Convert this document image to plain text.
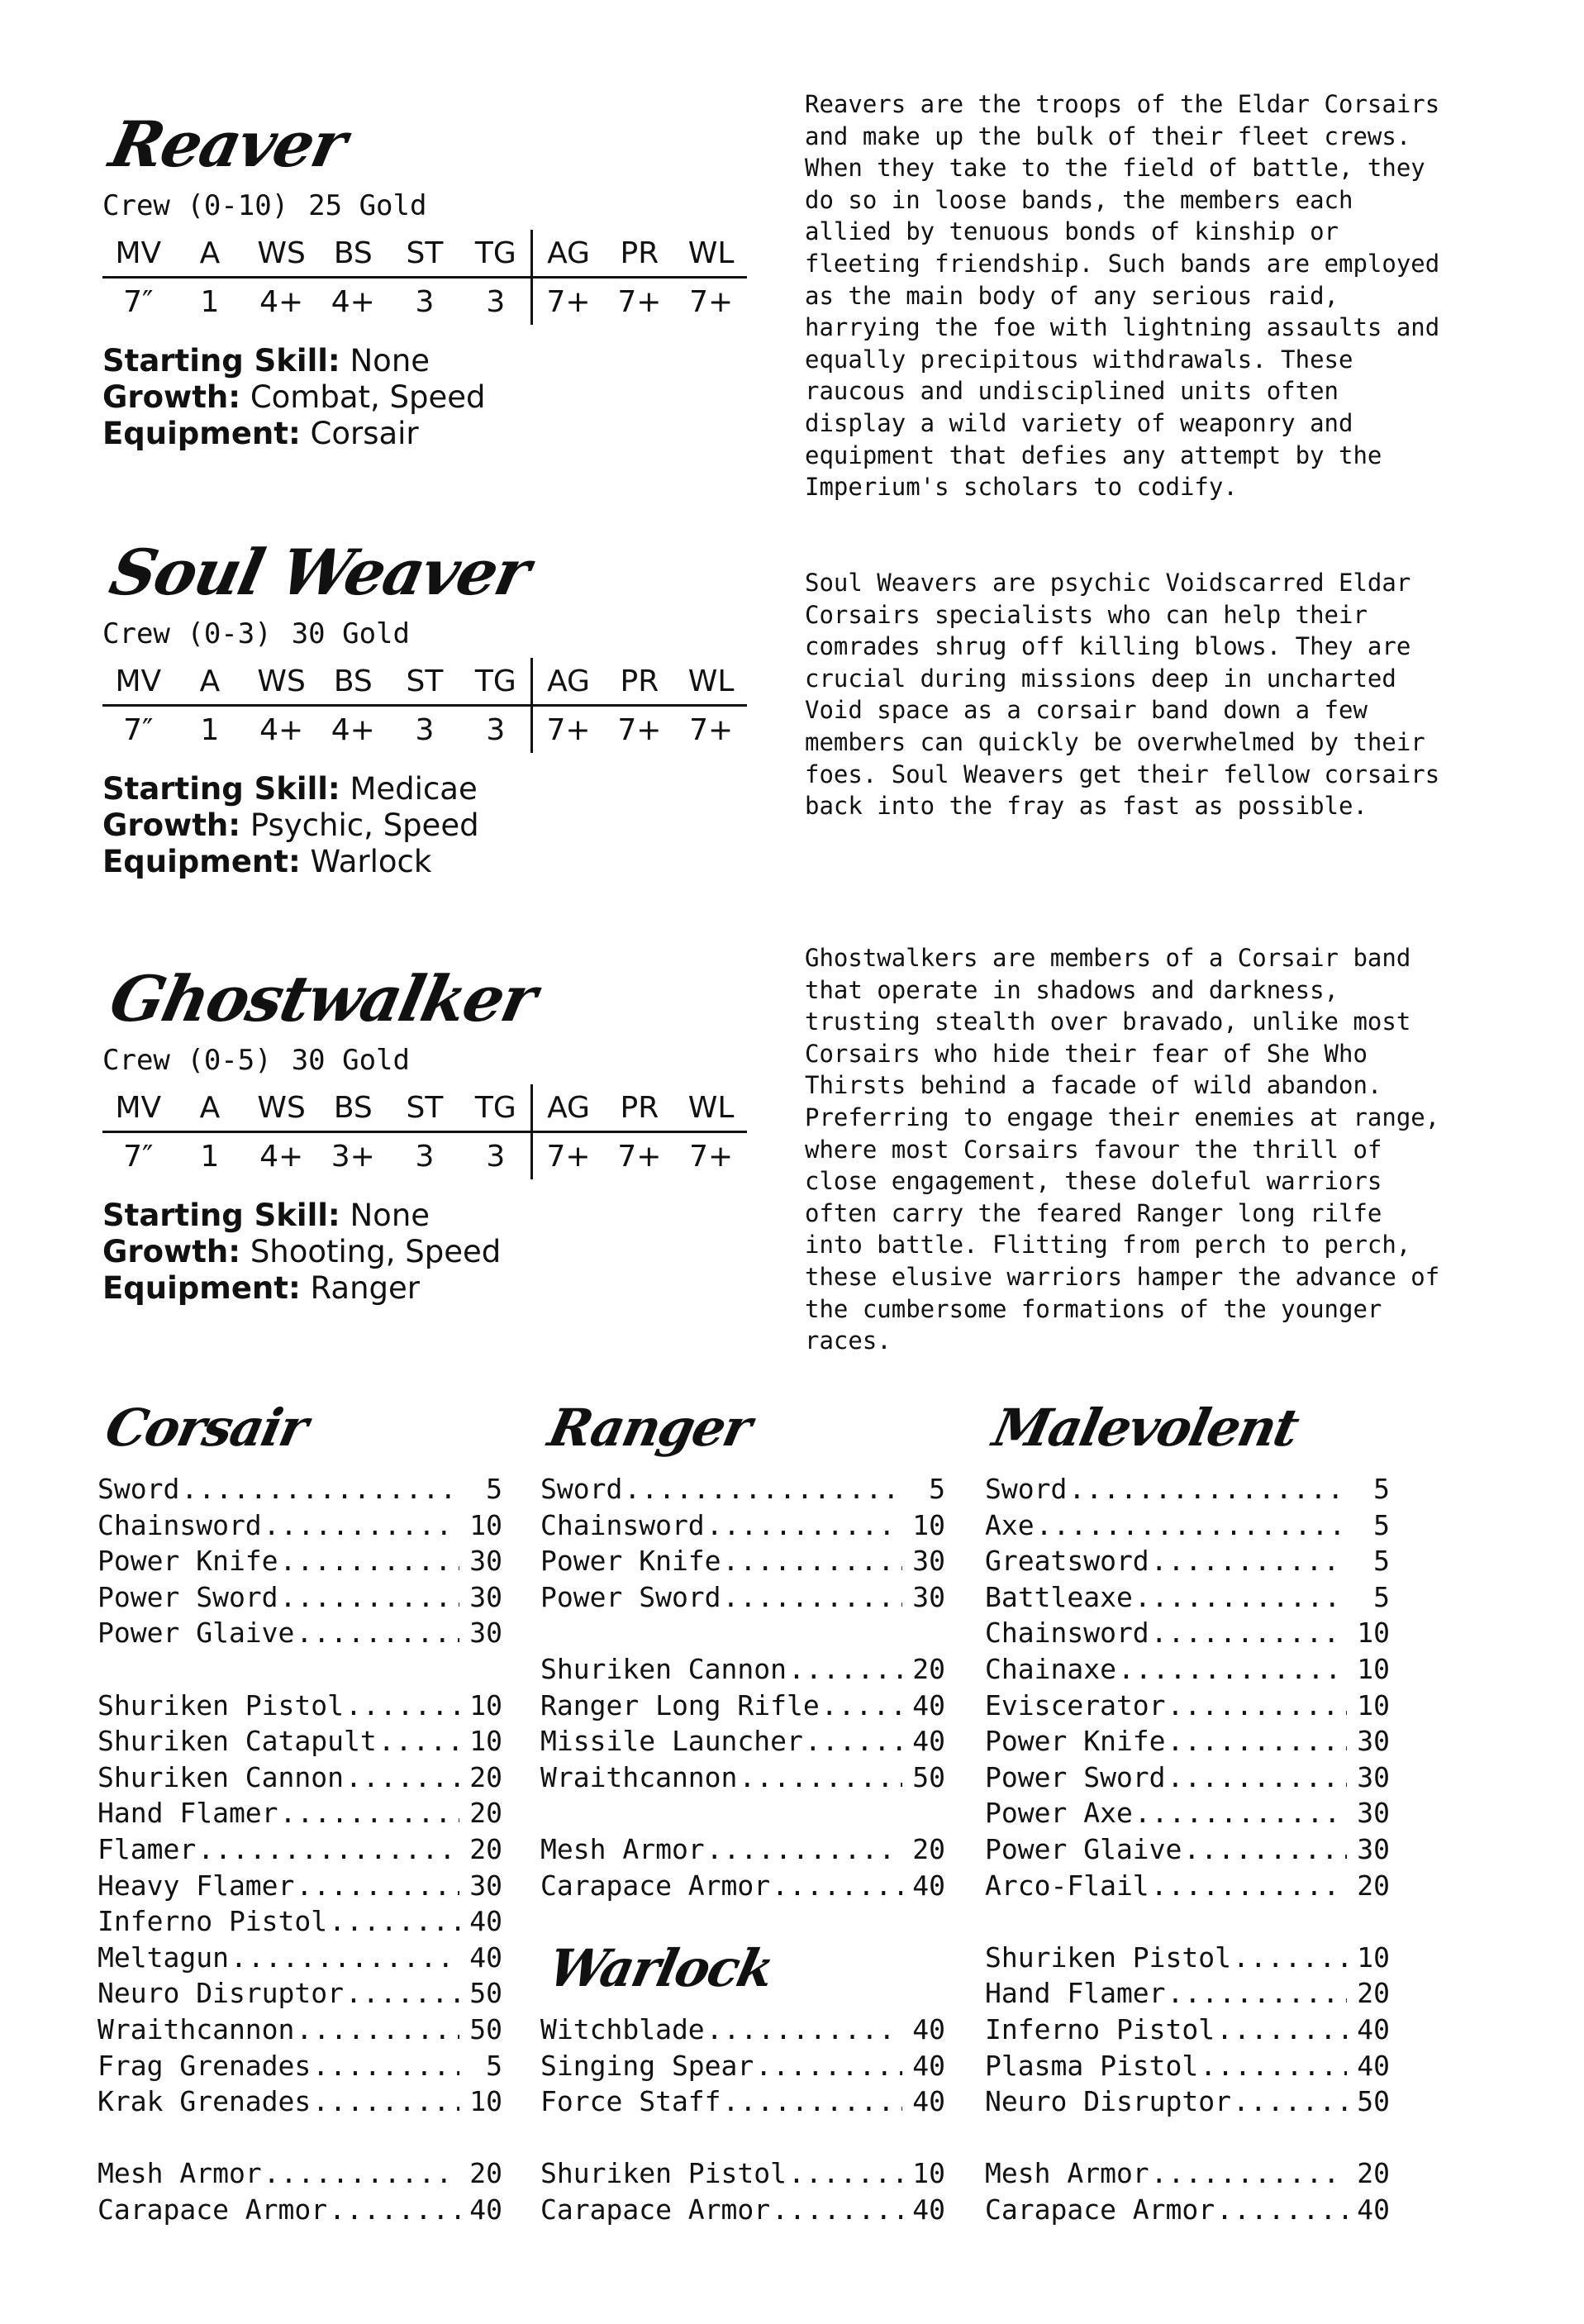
Reaver
Crew (0-10) 25 Gold
MV	A	WS	BS	ST	TG	AG	PR	WL
7″	1	4+	4+	3	3	7+	7+	7+
Starting Skill: None
Growth: Combat, Speed
Equipment: Corsair

Reavers are the troops of the Eldar Corsairs and make up the bulk of their fleet crews. When they take to the field of battle, they do so in loose bands, the members each allied by tenuous bonds of kinship or fleeting friendship. Such bands are employed as the main body of any serious raid, harrying the foe with lightning assaults and equally precipitous withdrawals. These raucous and undisciplined units often display a wild variety of weaponry and equipment that defies any attempt by the Imperium's scholars to codify.

Soul Weaver
Crew (0-3) 30 Gold
MV	A	WS	BS	ST	TG	AG	PR	WL
7″	1	4+	4+	3	3	7+	7+	7+
Starting Skill: Medicae
Growth: Psychic, Speed
Equipment: Warlock

Soul Weavers are psychic Voidscarred Eldar Corsairs specialists who can help their comrades shrug off killing blows. They are crucial during missions deep in uncharted Void space as a corsair band down a few members can quickly be overwhelmed by their foes. Soul Weavers get their fellow corsairs back into the fray as fast as possible.

Ghostwalker
Crew (0-5) 30 Gold
MV	A	WS	BS	ST	TG	AG	PR	WL
7″	1	4+	3+	3	3	7+	7+	7+
Starting Skill: None
Growth: Shooting, Speed
Equipment: Ranger

Ghostwalkers are members of a Corsair band that operate in shadows and darkness, trusting stealth over bravado, unlike most Corsairs who hide their fear of She Who Thirsts behind a facade of wild abandon. Preferring to engage their enemies at range, where most Corsairs favour the thrill of close engagement, these doleful warriors often carry the feared Ranger long rilfe into battle. Flitting from perch to perch, these elusive warriors hamper the advance of the cumbersome formations of the younger races.

Corsair
Sword .....	5
Chainsword .....	10
Power Knife .....	30
Power Sword .....	30
Power Glaive .....	30
Shuriken Pistol .....	10
Shuriken Catapult .....	10
Shuriken Cannon .....	20
Hand Flamer .....	20
Flamer .....	20
Heavy Flamer .....	30
Inferno Pistol .....	40
Meltagun .....	40
Neuro Disruptor .....	50
Wraithcannon .....	50
Frag Grenades .....	5
Krak Grenades .....	10
Mesh Armor .....	20
Carapace Armor .....	40
Ranger
Sword .....	5
Chainsword .....	10
Power Knife .....	30
Power Sword .....	30
Shuriken Cannon .....	20
Ranger Long Rifle .....	40
Missile Launcher .....	40
Wraithcannon .....	50
Mesh Armor .....	20
Carapace Armor .....	40
Warlock
Witchblade .....	40
Singing Spear .....	40
Force Staff .....	40
Shuriken Pistol .....	10
Carapace Armor .....	40
Malevolent
Sword .....	5
Axe .....	5
Greatsword .....	5
Battleaxe .....	5
Chainsword .....	10
Chainaxe .....	10
Eviscerator .....	10
Power Knife .....	30
Power Sword .....	30
Power Axe .....	30
Power Glaive .....	30
Arco-Flail .....	20
Shuriken Pistol .....	10
Hand Flamer .....	20
Inferno Pistol .....	40
Plasma Pistol .....	40
Neuro Disruptor .....	50
Mesh Armor .....	20
Carapace Armor .....	40
